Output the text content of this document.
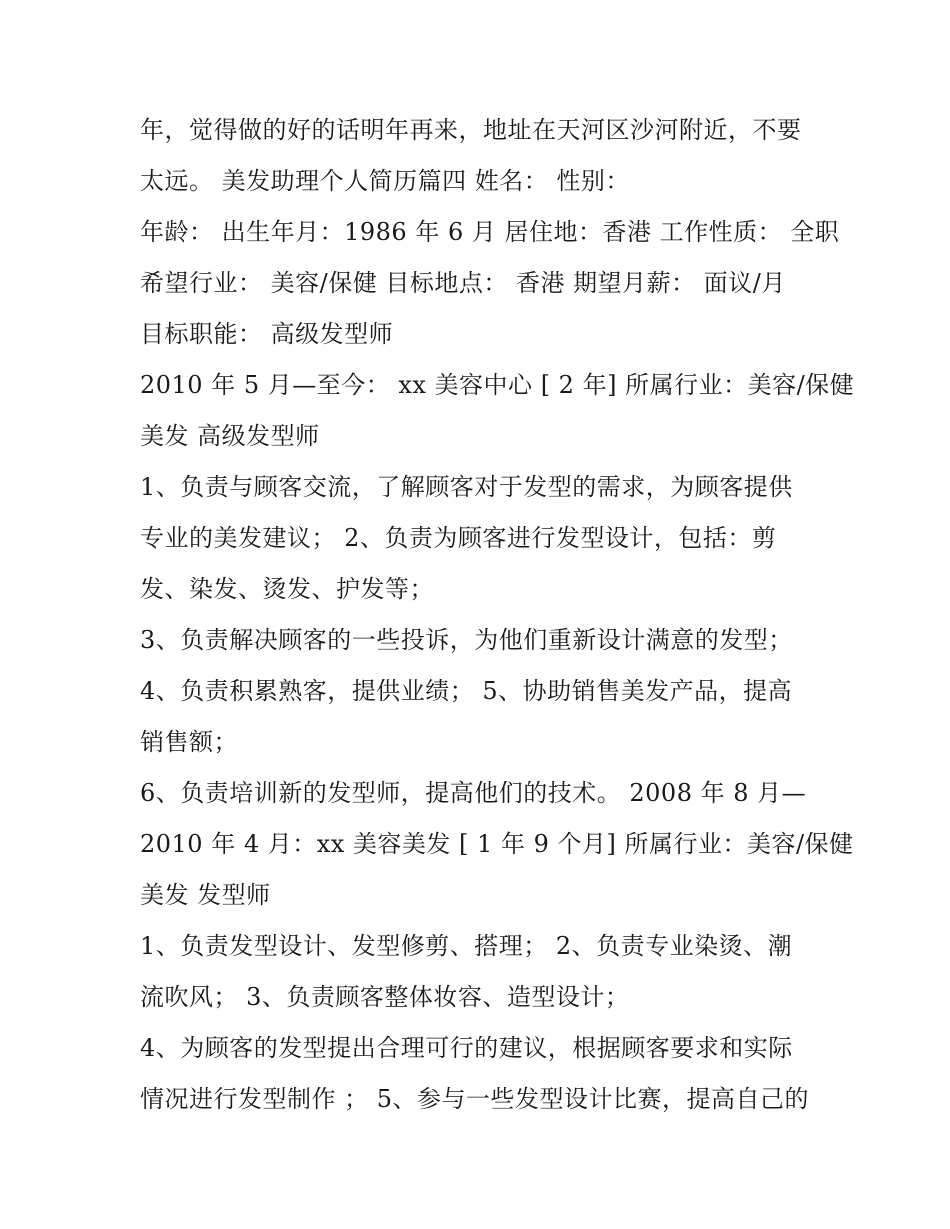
年，觉得做的好的话明年再来，地址在天河区沙河附近，不要
太远。 美发助理个人简历篇四 姓名： 性别：
年龄： 出生年月：1986 年 6 月 居住地：香港 工作性质： 全职
希望行业： 美容/保健 目标地点： 香港 期望月薪： 面议/月
目标职能： 高级发型师
2010 年 5 月—至今： xx 美容中心 [ 2 年] 所属行业：美容/保健
美发 高级发型师
1、负责与顾客交流，了解顾客对于发型的需求，为顾客提供
专业的美发建议； 2、负责为顾客进行发型设计，包括：剪
发、染发、烫发、护发等；
3、负责解决顾客的一些投诉，为他们重新设计满意的发型；
4、负责积累熟客，提供业绩； 5、协助销售美发产品，提高
销售额；
6、负责培训新的发型师，提高他们的技术。 2008 年 8 月—
2010 年 4 月：xx 美容美发 [ 1 年 9 个月] 所属行业：美容/保健
美发 发型师
1、负责发型设计、发型修剪、搭理； 2、负责专业染烫、潮
流吹风； 3、负责顾客整体妆容、造型设计；
4、为顾客的发型提出合理可行的建议，根据顾客要求和实际
情况进行发型制作 ； 5、参与一些发型设计比赛，提高自己的
